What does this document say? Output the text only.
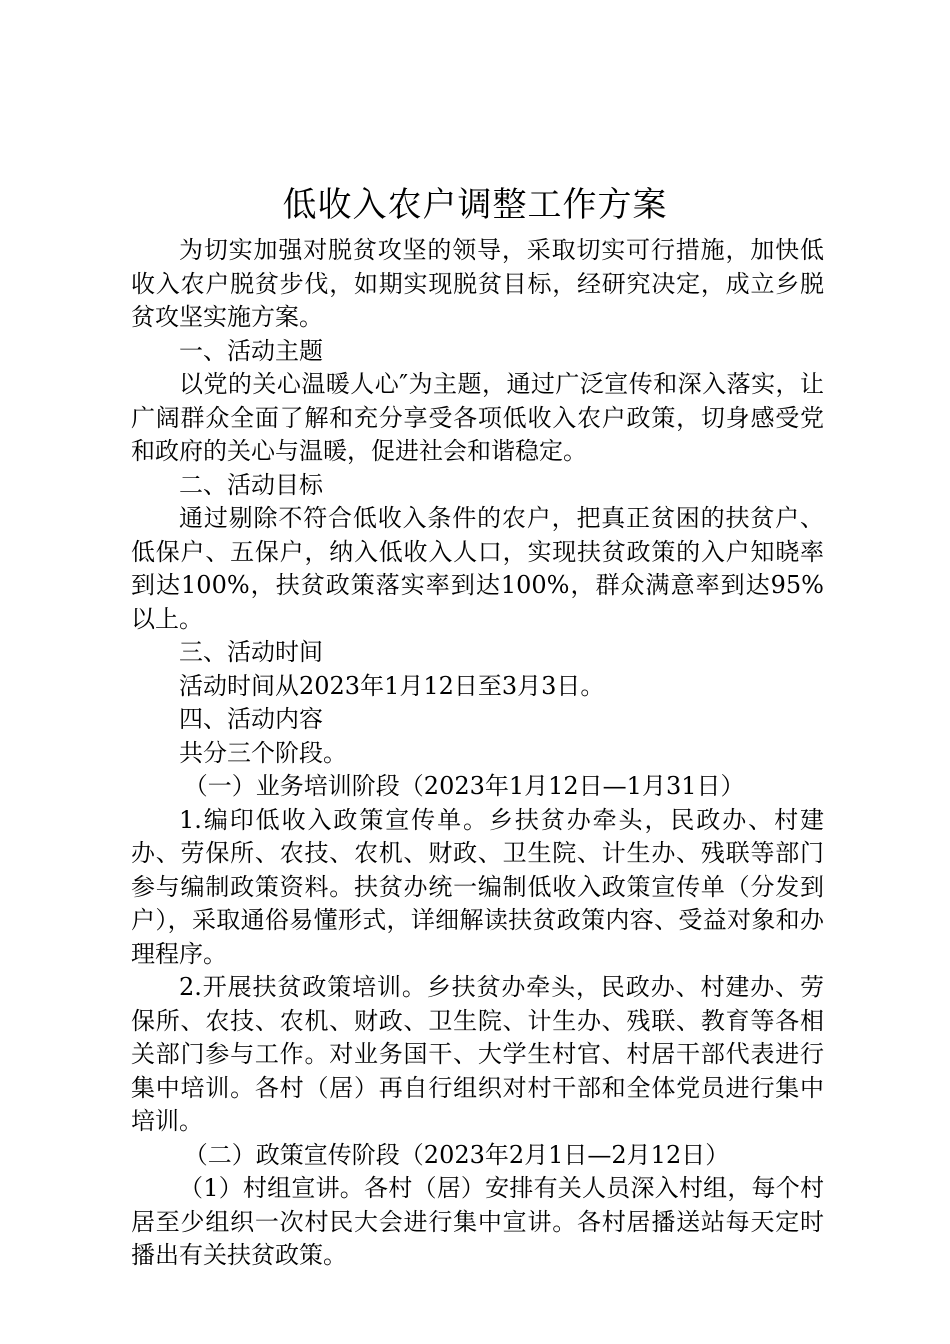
低收入农户调整工作方案

为切实加强对脱贫攻坚的领导，采取切实可行措施，加快低收入农户脱贫步伐，如期实现脱贫目标，经研究决定，成立乡脱贫攻坚实施方案。

一、活动主题

以党的关心温暖人心″为主题，通过广泛宣传和深入落实，让广阔群众全面了解和充分享受各项低收入农户政策，切身感受党和政府的关心与温暖，促进社会和谐稳定。

二、活动目标

通过剔除不符合低收入条件的农户，把真正贫困的扶贫户、低保户、五保户，纳入低收入人口，实现扶贫政策的入户知晓率到达100%，扶贫政策落实率到达100%，群众满意率到达95%以上。

三、活动时间

活动时间从2023年1月12日至3月3日。

四、活动内容

共分三个阶段。

（一）业务培训阶段（2023年1月12日—1月31日）

1.编印低收入政策宣传单。乡扶贫办牵头，民政办、村建办、劳保所、农技、农机、财政、卫生院、计生办、残联等部门参与编制政策资料。扶贫办统一编制低收入政策宣传单（分发到户），采取通俗易懂形式，详细解读扶贫政策内容、受益对象和办理程序。

2.开展扶贫政策培训。乡扶贫办牵头，民政办、村建办、劳保所、农技、农机、财政、卫生院、计生办、残联、教育等各相关部门参与工作。对业务国干、大学生村官、村居干部代表进行集中培训。各村（居）再自行组织对村干部和全体党员进行集中培训。

（二）政策宣传阶段（2023年2月1日—2月12日）

（1）村组宣讲。各村（居）安排有关人员深入村组，每个村居至少组织一次村民大会进行集中宣讲。各村居播送站每天定时播出有关扶贫政策。
